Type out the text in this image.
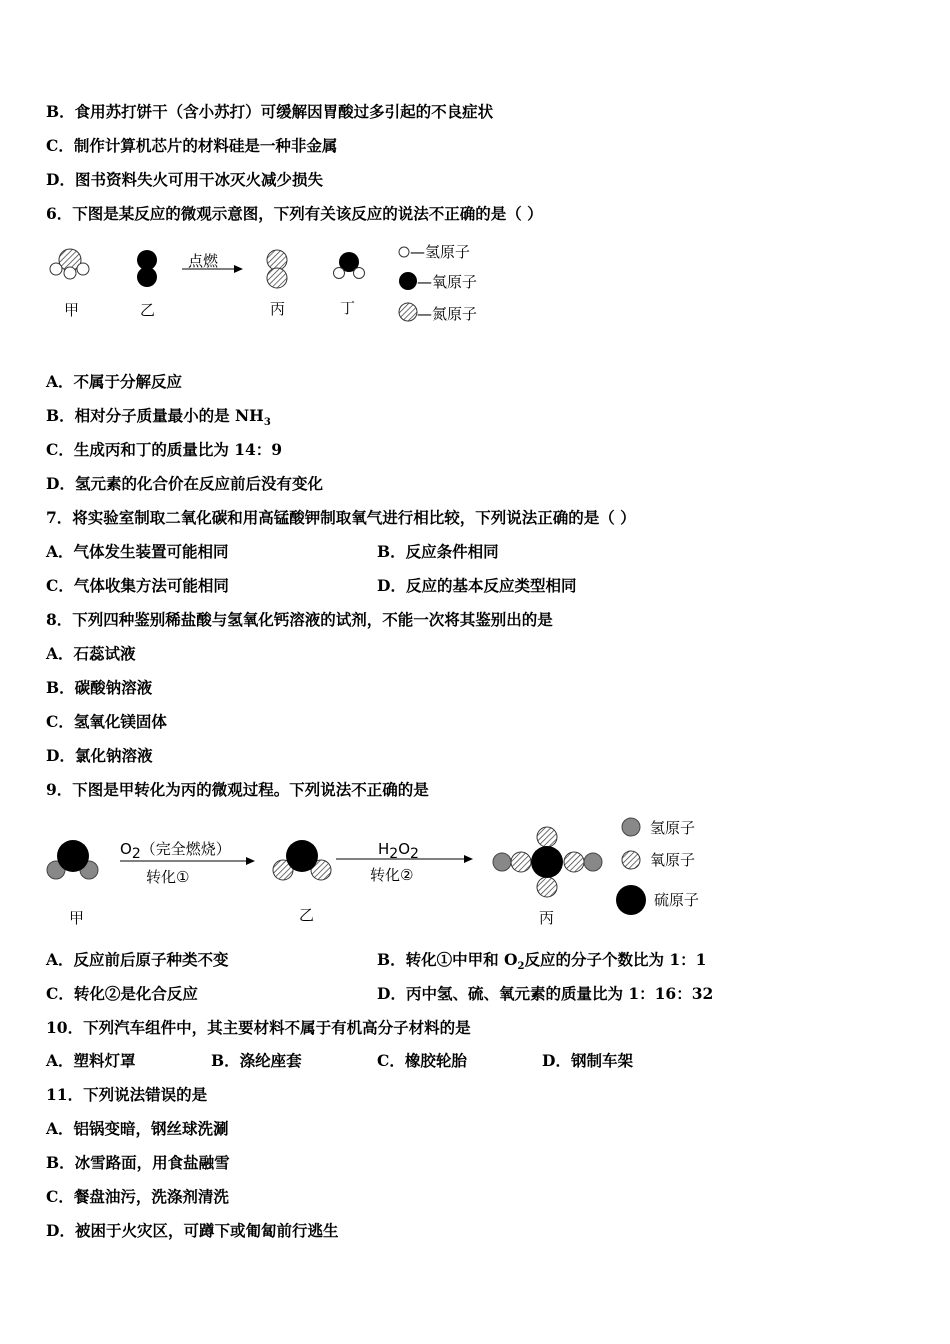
B．食用苏打饼干（含小苏打）可缓解因胃酸过多引起的不良症状
C．制作计算机芯片的材料硅是一种非金属
D．图书资料失火可用干冰灭火减少损失
6．下图是某反应的微观示意图，下列有关该反应的说法不正确的是（ ）
点燃
甲	乙	丙	丁
—氢原子
—氧原子
—氮原子
A．不属于分解反应
B．相对分子质量最小的是 $NH_3$
C．生成丙和丁的质量比为 14：9
D．氢元素的化合价在反应前后没有变化
7．将实验室制取二氧化碳和用高锰酸钾制取氧气进行相比较，下列说法正确的是（ ）
A．气体发生装置可能相同	B．反应条件相同
C．气体收集方法可能相同	D．反应的基本反应类型相同
8．下列四种鉴别稀盐酸与氢氧化钙溶液的试剂，不能一次将其鉴别出的是
A．石蕊试液
B．碳酸钠溶液
C．氢氧化镁固体
D．氯化钠溶液
9．下图是甲转化为丙的微观过程。下列说法不正确的是
O2（完全燃烧）
转化①
H2O2
转化②
甲	乙	丙
氢原子
氧原子
硫原子
A．反应前后原子种类不变	B．转化①中甲和 $O_2$反应的分子个数比为 1：1
C．转化②是化合反应	D．丙中氢、硫、氧元素的质量比为 1：16：32
10．下列汽车组件中，其主要材料不属于有机高分子材料的是
A．塑料灯罩	B．涤纶座套	C．橡胶轮胎	D．钢制车架
11．下列说法错误的是
A．铝锅变暗，钢丝球洗涮
B．冰雪路面，用食盐融雪
C．餐盘油污，洗涤剂清洗
D．被困于火灾区，可蹲下或匍匐前行逃生
